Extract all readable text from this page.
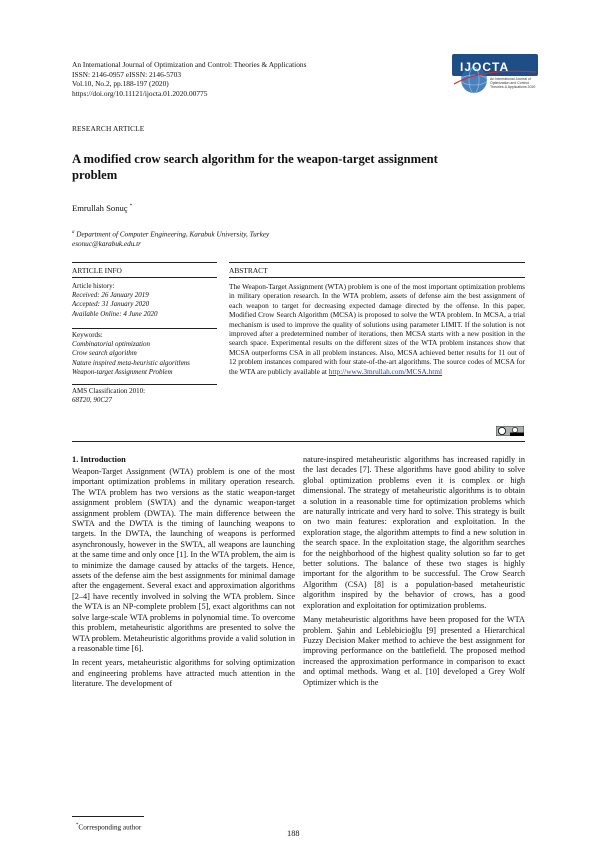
An International Journal of Optimization and Control: Theories & Applications
ISSN: 2146-0957 eISSN: 2146-5703
Vol.10, No.2, pp.188-197 (2020)
https://doi.org/10.11121/ijocta.01.2020.00775
IJOCTA
An International Journal of Optimization and Control: Theories & Applications 2020
RESEARCH ARTICLE
A modified crow search algorithm for the weapon-target assignment problem
Emrullah Sonuç *
$^a$ Department of Computer Engineering, Karabuk University, Turkey
esonuc@karabuk.edu.tr
ARTICLE INFO	ABSTRACT
Article history:
Received: 26 January 2019
Accepted: 31 January 2020
Available Online: 4 June 2020
Keywords:
Combinatorial optimization
Crow search algorithm
Nature inspired meta-heuristic algorithms
Weapon-target Assignment Problem
AMS Classification 2010:
68T20, 90C27
The Weapon-Target Assignment (WTA) problem is one of the most important optimization problems in military operation research. In the WTA problem, assets of defense aim the best assignment of each weapon to target for decreasing expected damage directed by the offense. In this paper, Modified Crow Search Algorithm (MCSA) is proposed to solve the WTA problem. In MCSA, a trial mechanism is used to improve the quality of solutions using parameter LIMIT. If the solution is not improved after a predetermined number of iterations, then MCSA starts with a new position in the search space. Experimental results on the different sizes of the WTA problem instances show that MCSA outperforms CSA in all problem instances. Also, MCSA achieved better results for 11 out of 12 problem instances compared with four state-of-the-art algorithms. The source codes of MCSA for the WTA are publicly available at http://www.3mrullah.com/MCSA.html
1. Introduction

Weapon-Target Assignment (WTA) problem is one of the most important optimization problems in military operation research. The WTA problem has two versions as the static weapon-target assignment problem (SWTA) and the dynamic weapon-target assignment problem (DWTA). The main difference between the SWTA and the DWTA is the timing of launching weapons to targets. In the DWTA, the launching of weapons is performed asynchronously, however in the SWTA, all weapons are launching at the same time and only once [1]. In the WTA problem, the aim is to minimize the damage caused by attacks of the targets. Hence, assets of the defense aim the best assignments for minimal damage after the engagement. Several exact and approximation algorithms [2–4] have recently involved in solving the WTA problem. Since the WTA is an NP-complete problem [5], exact algorithms can not solve large-scale WTA problems in polynomial time. To overcome this problem, metaheuristic algorithms are presented to solve the WTA problem. Metaheuristic algorithms provide a valid solution in a reasonable time [6].

In recent years, metaheuristic algorithms for solving optimization and engineering problems have attracted much attention in the literature. The development of

nature-inspired metaheuristic algorithms has increased rapidly in the last decades [7]. These algorithms have good ability to solve global optimization problems even it is complex or high dimensional. The strategy of metaheuristic algorithms is to obtain a solution in a reasonable time for optimization problems which are naturally intricate and very hard to solve. This strategy is built on two main features: exploration and exploitation. In the exploration stage, the algorithm attempts to find a new solution in the search space. In the exploitation stage, the algorithm searches for the neighborhood of the highest quality solution so far to get better solutions. The balance of these two stages is highly important for the algorithm to be successful. The Crow Search Algorithm (CSA) [8] is a population-based metaheuristic algorithm inspired by the behavior of crows, has a good exploration and exploitation for optimization problems.

Many metaheuristic algorithms have been proposed for the WTA problem. Şahin and Leblebicioğlu [9] presented a Hierarchical Fuzzy Decision Maker method to achieve the best assignment for improving performance on the battlefield. The proposed method increased the approximation performance in comparison to exact and optimal methods. Wang et al. [10] developed a Grey Wolf Optimizer which is the

*Corresponding author
188
